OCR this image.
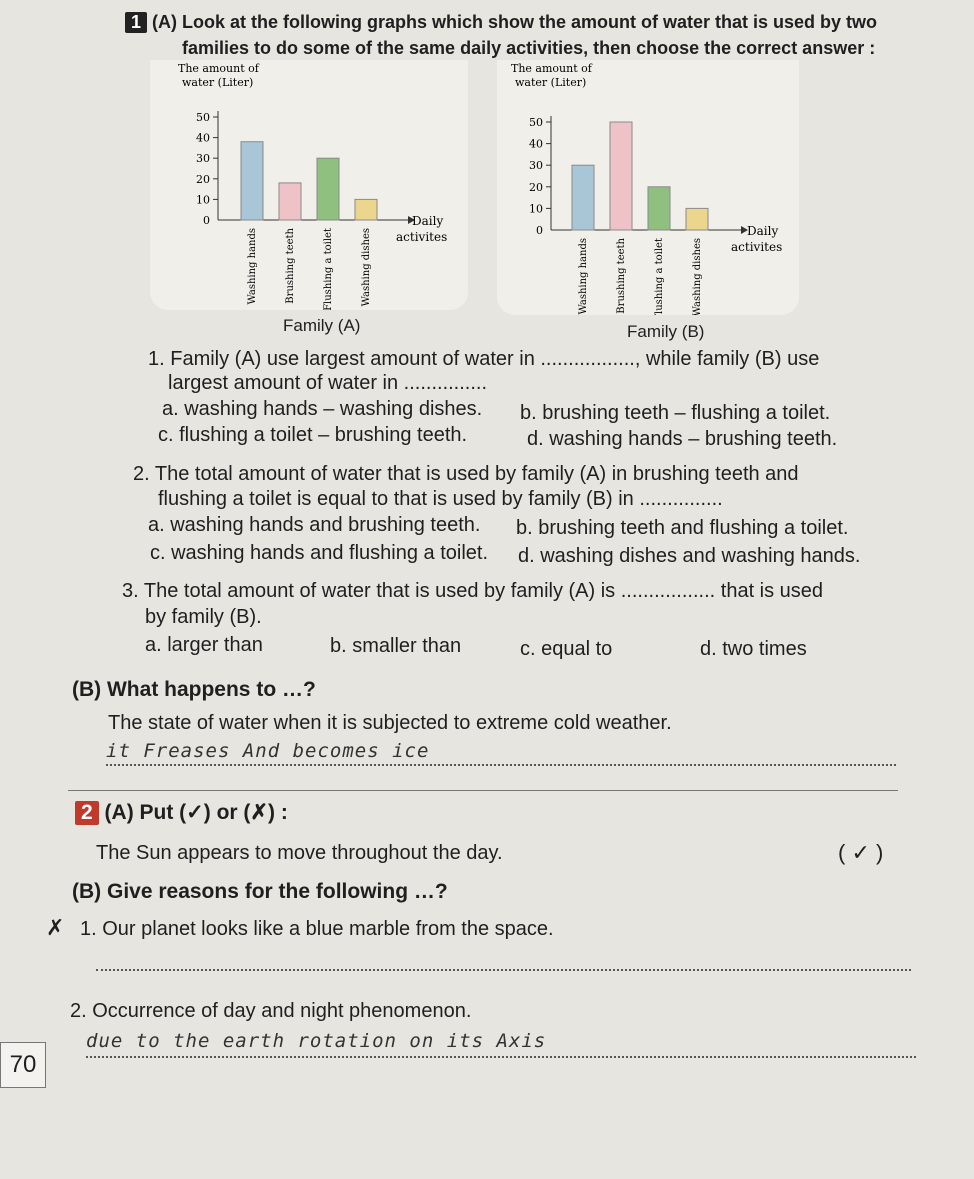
1 (A) Look at the following graphs which show the amount of water that is used by two
families to do some of the same daily activities, then choose the correct answer :
The amount of
water (Liter)
0
10
20
30
40
50
Washing hands	Brushing teeth	Flushing a toilet	Washing dishes
Daily
activites
Family (A)
The amount of
water (Liter)
0
10
20
30
40
50
Washing hands	Brushing teeth	Flushing a toilet	Washing dishes
Daily
activites
Family (B)
1. Family (A) use largest amount of water in ................., while family (B) use
largest amount of water in ...............
a. washing hands – washing dishes. b. brushing teeth – flushing a toilet.
c. flushing a toilet – brushing teeth.	d. washing hands – brushing teeth.
2. The total amount of water that is used by family (A) in brushing teeth and
flushing a toilet is equal to that is used by family (B) in ...............
a. washing hands and brushing teeth. b. brushing teeth and flushing a toilet.
c. washing hands and flushing a toilet. d. washing dishes and washing hands.
3. The total amount of water that is used by family (A) is ................. that is used
by family (B).
a. larger than	b. smaller than	c. equal to	d. two times
(B) What happens to …?
The state of water when it is subjected to extreme cold weather.
it Freases And becomes ice
2 (A) Put (✓) or (✗) :
The Sun appears to move throughout the day.	( ✓ )
(B) Give reasons for the following …?
✗ 1. Our planet looks like a blue marble from the space.
2. Occurrence of day and night phenomenon.
due to the earth rotation on its Axis
70
